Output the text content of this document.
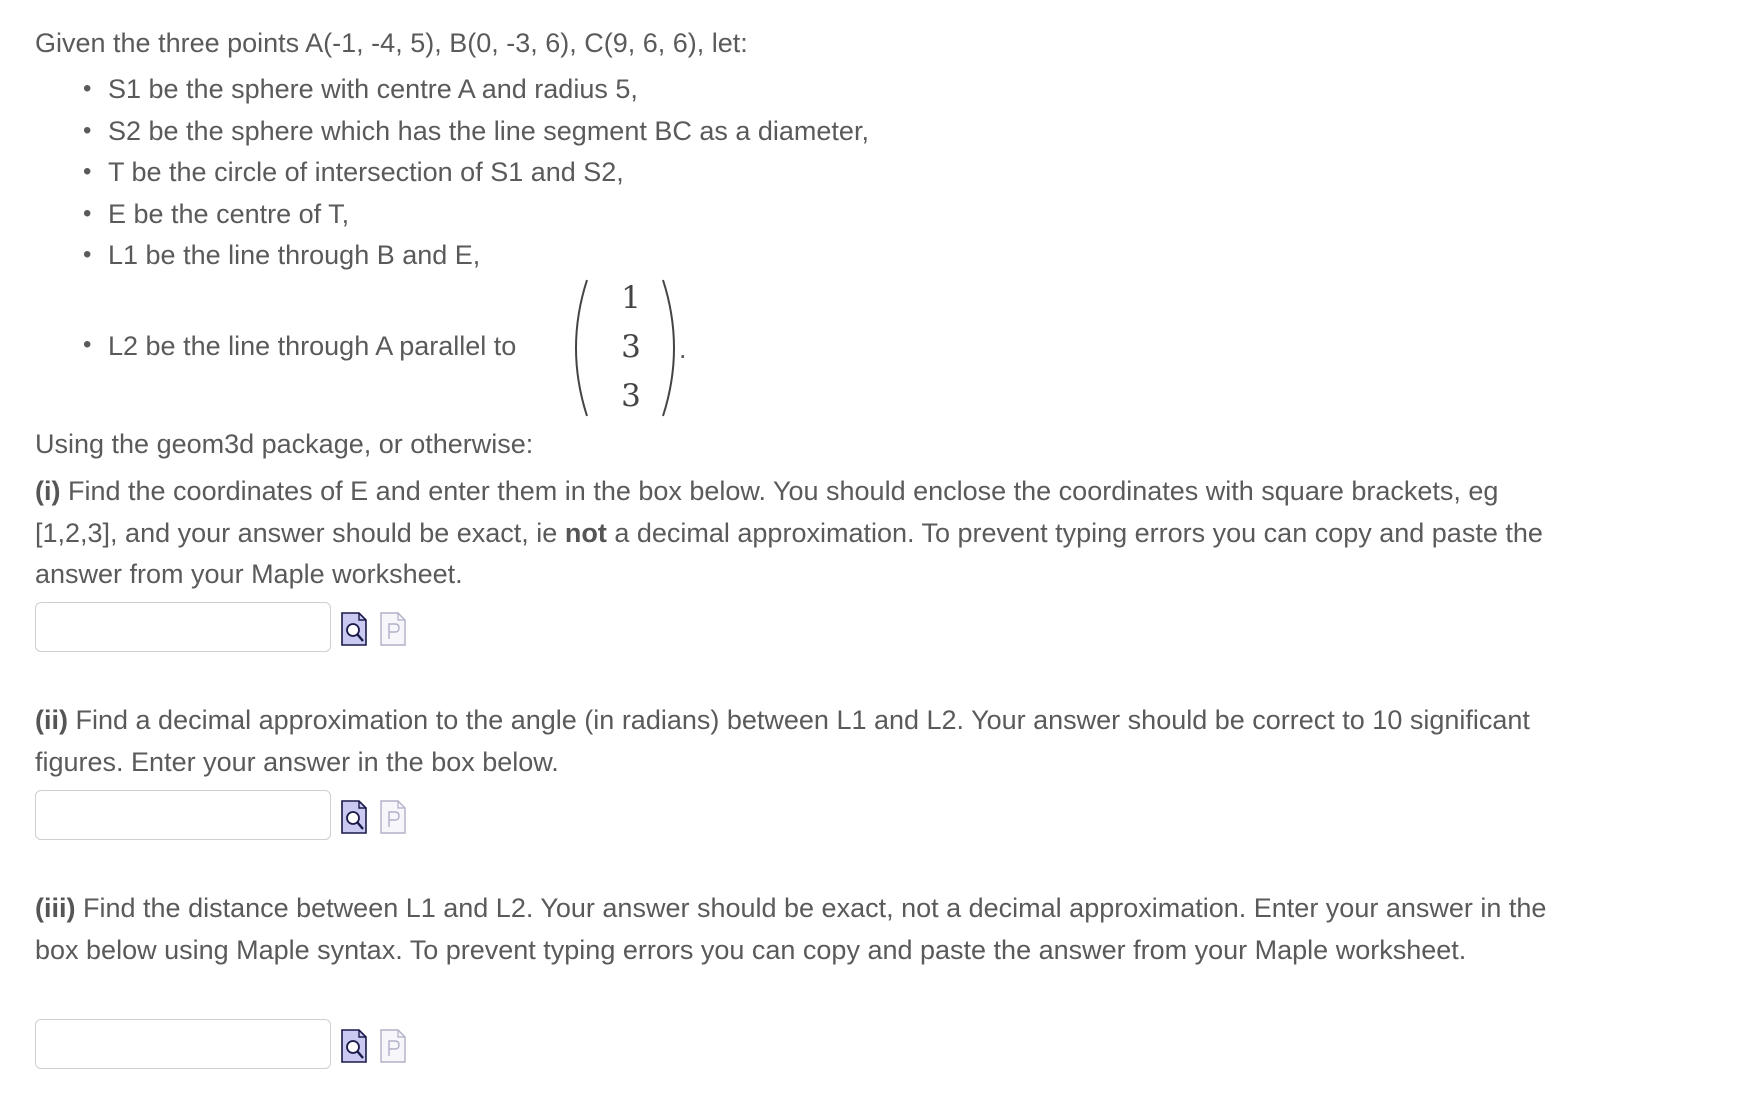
Given the three points A(-1, -4, 5), B(0, -3, 6), C(9, 6, 6), let:
• S1 be the sphere with centre A and radius 5,
• S2 be the sphere which has the line segment BC as a diameter,
• T be the circle of intersection of S1 and S2,
• E be the centre of T,
• L1 be the line through B and E,
• L2 be the line through A parallel to
1
3
3
.
Using the geom3d package, or otherwise:
(i) Find the coordinates of E and enter them in the box below. You should enclose the coordinates with square brackets, eg [1,2,3], and your answer should be exact, ie not a decimal approximation. To prevent typing errors you can copy and paste the answer from your Maple worksheet.
(ii) Find a decimal approximation to the angle (in radians) between L1 and L2. Your answer should be correct to 10 significant figures. Enter your answer in the box below.
(iii) Find the distance between L1 and L2. Your answer should be exact, not a decimal approximation. Enter your answer in the box below using Maple syntax. To prevent typing errors you can copy and paste the answer from your Maple worksheet.
